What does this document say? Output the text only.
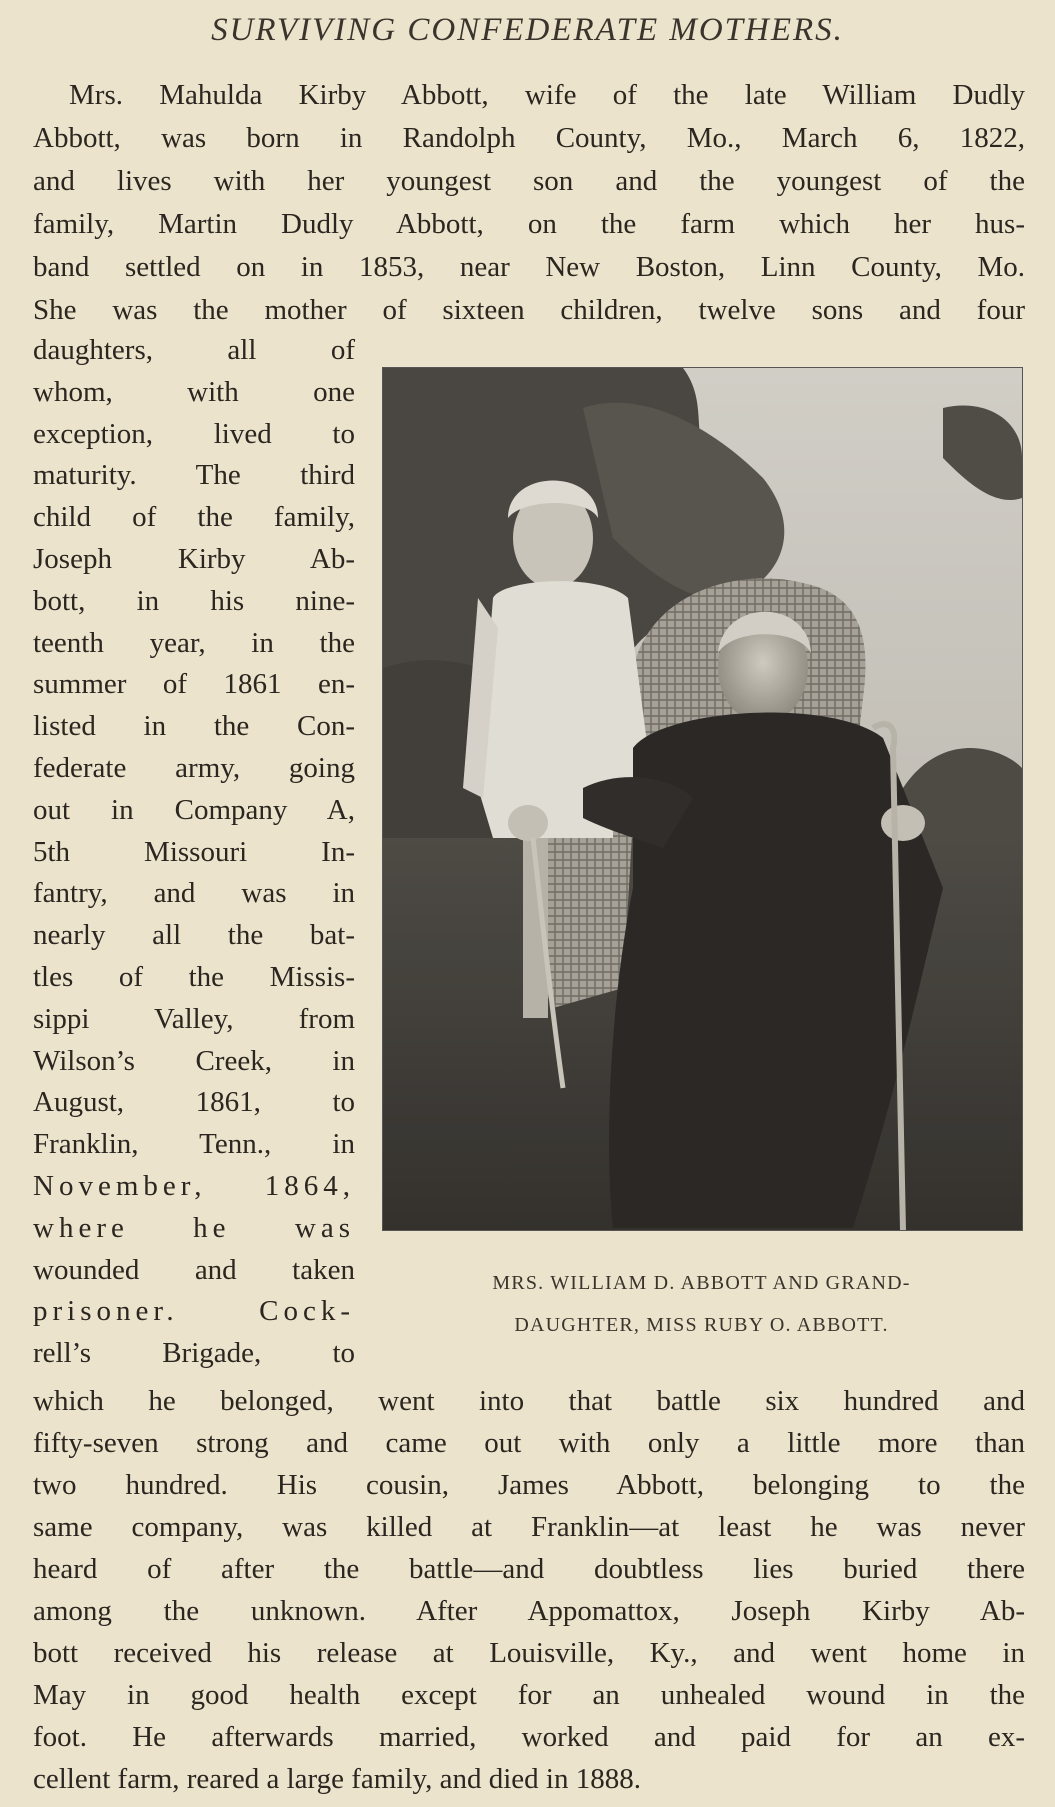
SURVIVING CONFEDERATE MOTHERS.
Mrs. Mahulda Kirby Abbott, wife of the late William Dudly
Abbott, was born in Randolph County, Mo., March 6, 1822,
and lives with her youngest son and the youngest of the
family, Martin Dudly Abbott, on the farm which her hus-
band settled on in 1853, near New Boston, Linn County, Mo.
She was the mother of sixteen children, twelve sons and four
daughters, all of
whom, with one
exception, lived to
maturity. The third
child of the family,
Joseph Kirby Ab-
bott, in his nine-
teenth year, in the
summer of 1861 en-
listed in the Con-
federate army, going
out in Company A,
5th Missouri In-
fantry, and was in
nearly all the bat-
tles of the Missis-
sippi Valley, from
Wilson’s Creek, in
August, 1861, to
Franklin, Tenn., in
November, 1864,
where he was
wounded and taken
prisoner. Cock-
rell’s Brigade, to
MRS. WILLIAM D. ABBOTT AND GRAND-
DAUGHTER, MISS RUBY O. ABBOTT.
which he belonged, went into that battle six hundred and
fifty-seven strong and came out with only a little more than
two hundred. His cousin, James Abbott, belonging to the
same company, was killed at Franklin—at least he was never
heard of after the battle—and doubtless lies buried there
among the unknown. After Appomattox, Joseph Kirby Ab-
bott received his release at Louisville, Ky., and went home in
May in good health except for an unhealed wound in the
foot. He afterwards married, worked and paid for an ex-
cellent farm, reared a large family, and died in 1888.
